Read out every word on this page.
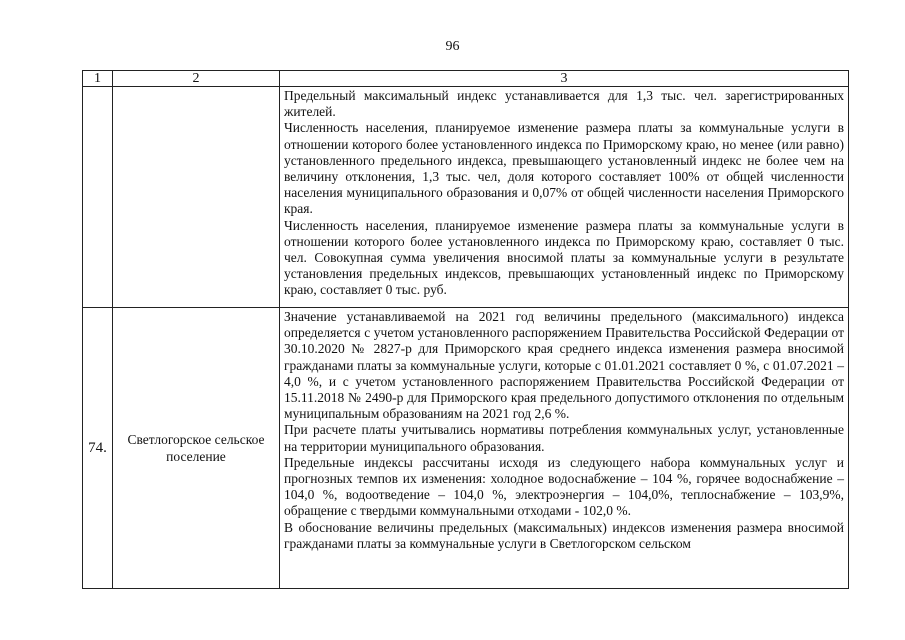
96
1	2	3

		Предельный максимальный индекс устанавливается для 1,3 тыс. чел. зарегистрированных жителей.

Численность населения, планируемое изменение размера платы за коммунальные услуги в отношении которого более установленного индекса по Приморскому краю, но менее (или равно) установленного предельного индекса, превышающего установленный индекс не более чем на величину отклонения, 1,3 тыс. чел, доля которого составляет 100% от общей численности населения муниципального образования и 0,07% от общей численности населения Приморского края.

Численность населения, планируемое изменение размера платы за коммунальные услуги в отношении которого более установленного индекса по Приморскому краю, составляет 0 тыс. чел. Совокупная сумма увеличения вносимой платы за коммунальные услуги в результате установления предельных индексов, превышающих установленный индекс по Приморскому краю, составляет 0 тыс. руб.

74.	Светлогорское сельское поселение	Значение устанавливаемой на 2021 год величины предельного (максимального) индекса определяется с учетом установленного распоряжением Правительства Российской Федерации от 30.10.2020 № 2827-р для Приморского края среднего индекса изменения размера вносимой гражданами платы за коммунальные услуги, которые с 01.01.2021 составляет 0 %, с 01.07.2021 – 4,0 %, и с учетом установленного распоряжением Правительства Российской Федерации от 15.11.2018 № 2490-р для Приморского края предельного допустимого отклонения по отдельным муниципальным образованиям на 2021 год 2,6 %.

При расчете платы учитывались нормативы потребления коммунальных услуг, установленные на территории муниципального образования.

Предельные индексы рассчитаны исходя из следующего набора коммунальных услуг и прогнозных темпов их изменения: холодное водоснабжение – 104 %, горячее водоснабжение – 104,0 %, водоотведение – 104,0 %, электроэнергия – 104,0%, теплоснабжение – 103,9%, обращение с твердыми коммунальными отходами - 102,0 %.

В обоснование величины предельных (максимальных) индексов изменения размера вносимой гражданами платы за коммунальные услуги в Светлогорском сельском
